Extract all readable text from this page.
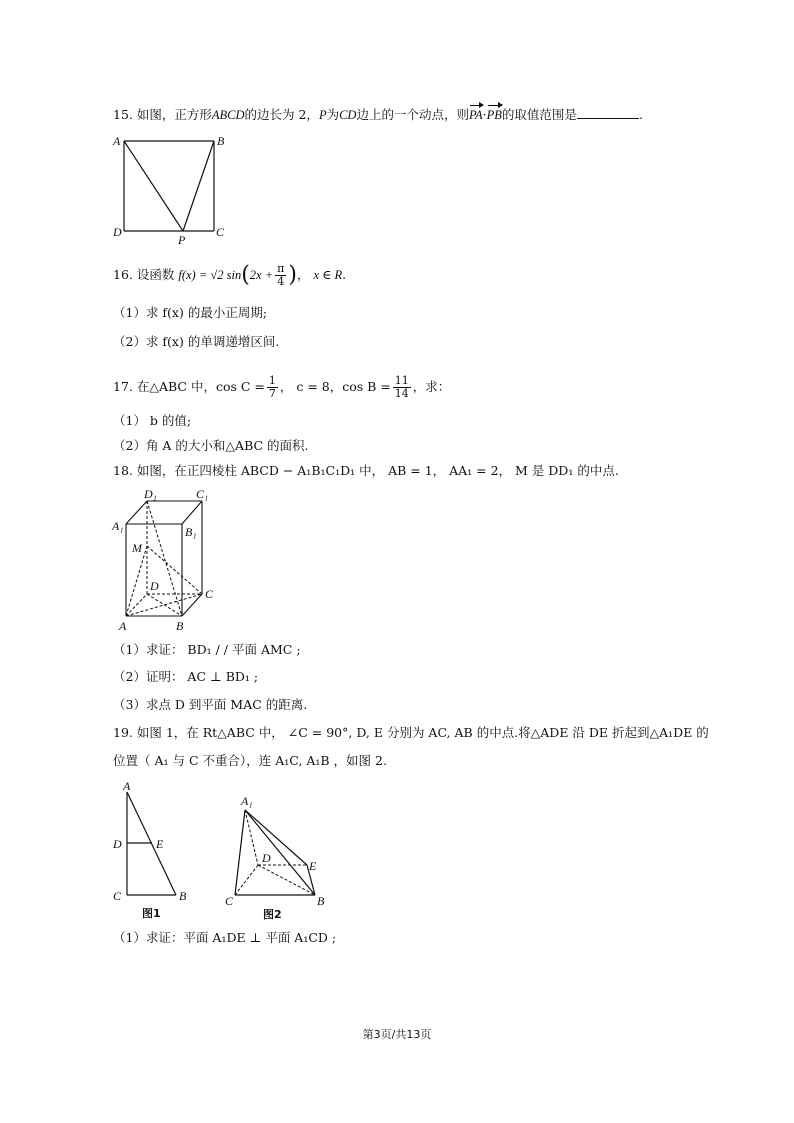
15. 如图，正方形ABCD的边长为 2，P为CD边上的一个动点，则PA·PB的取值范围是	.
A	B
D	C
P
16. 设函数 f(x) = √2 $\sin(2x + \frac{\pi}{4}$ )， x ∈ R.
（1）求 f(x) 的最小正周期;
（2）求 f(x) 的单调递增区间.
17. 在△ABC 中，$\cos C = \frac{1}{7}$ ， c = 8，$\cos B = \frac{11}{14}$ ，求：
（1） b 的值;
（2）角 A 的大小和△ABC 的面积.
18. 如图，在正四棱柱 ABCD − A₁B₁C₁D₁ 中， AB = 1， AA₁ = 2， M 是 DD₁ 的中点.
D₁	C₁
A₁	B₁
M
D
C
A	B
（1）求证： BD₁ / / 平面 AMC ;
（2）证明： AC ⊥ BD₁ ;
（3）求点 D 到平面 MAC 的距离.
19. 如图 1，在 Rt△ABC 中， ∠C = 90°, D, E 分别为 AC, AB 的中点.将△ADE 沿 DE 折起到△A₁DE 的
位置（ A₁ 与 C 不重合），连 A₁C, A₁B ，如图 2.
A
D	E
C	B
图1
A₁
D
E
C	B
图2
（1）求证：平面 A₁DE ⊥ 平面 A₁CD ;
第3页/共13页
